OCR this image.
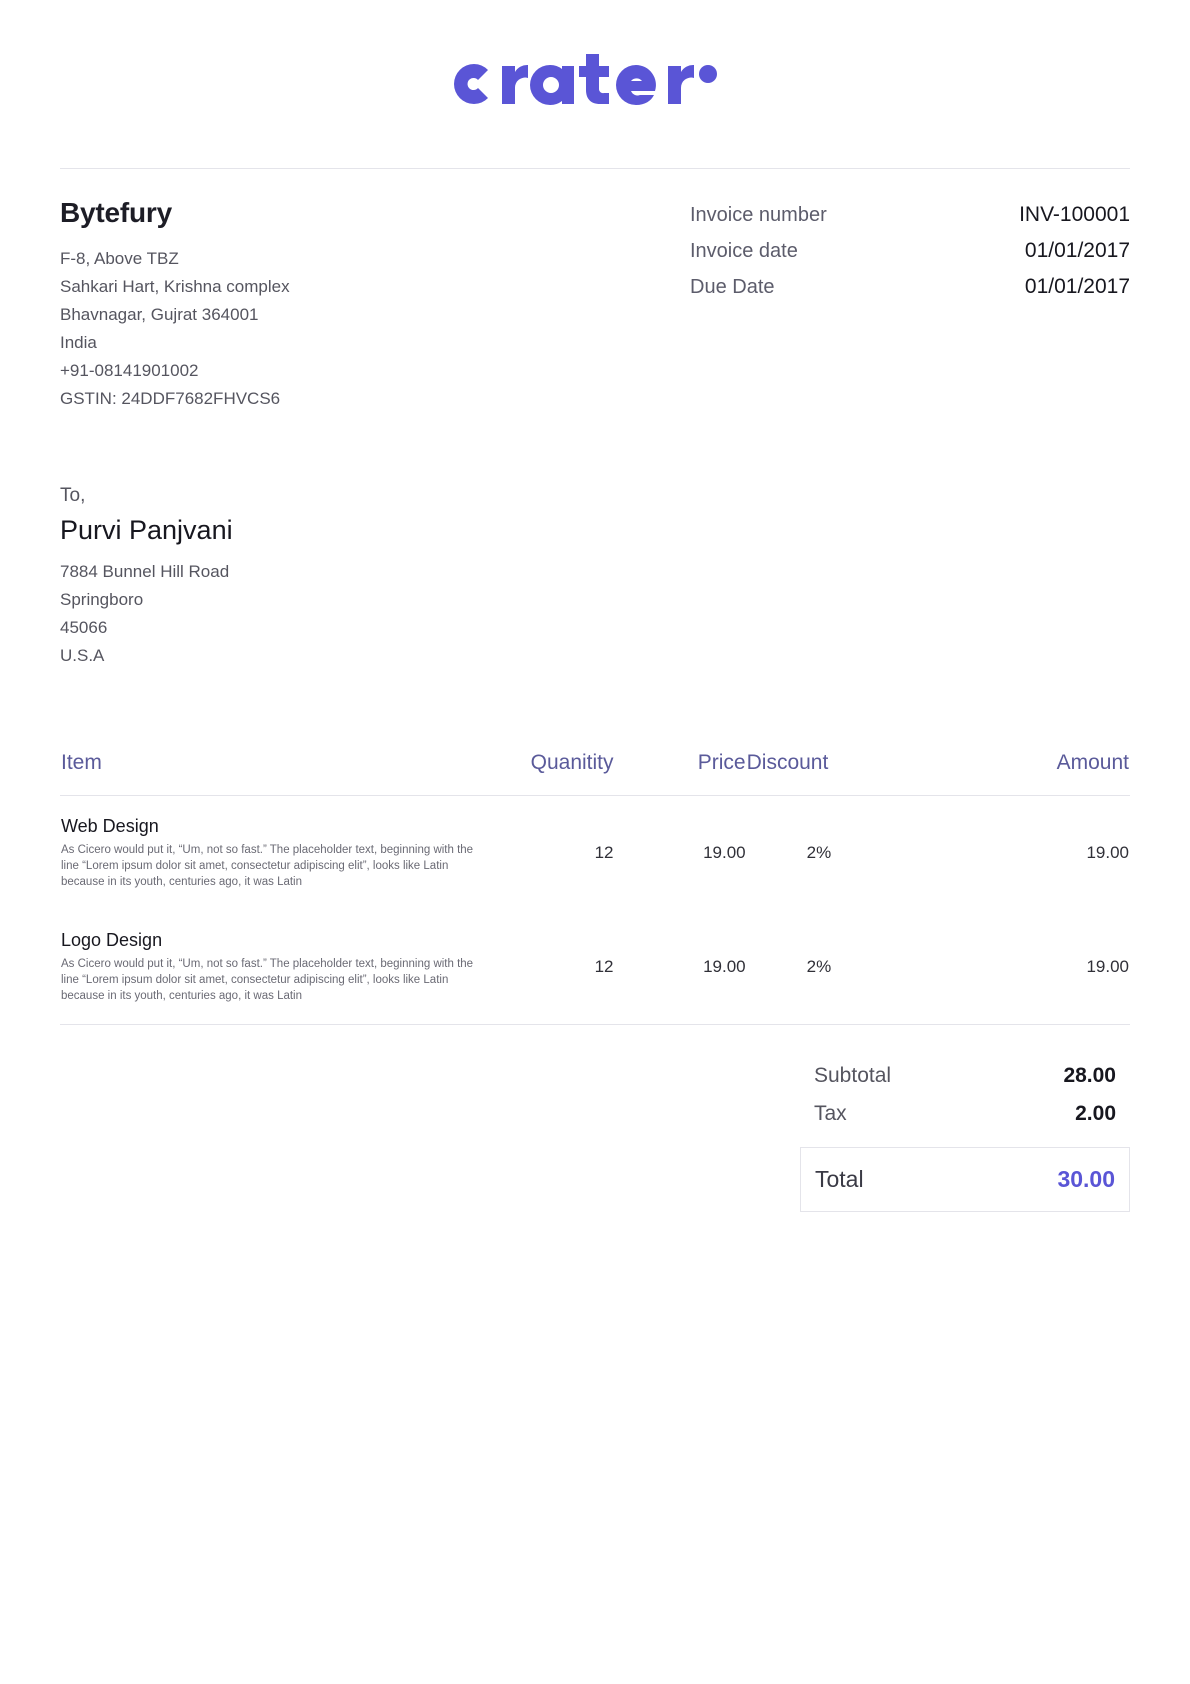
Bytefury
F-8, Above TBZ
Sahkari Hart, Krishna complex
Bhavnagar, Gujrat 364001
India
+91-08141901002
GSTIN: 24DDF7682FHVCS6
Invoice number	INV-100001
Invoice date	01/01/2017
Due Date	01/01/2017
To,
Purvi Panjvani
7884 Bunnel Hill Road
Springboro
45066
U.S.A
Item	Quanitity	Price	Discount	Amount

Web Design
As Cicero would put it, “Um, not so fast.” The placeholder text, beginning with the line “Lorem ipsum dolor sit amet, consectetur adipiscing elit”, looks like Latin because in its youth, centuries ago, it was Latin	12	19.00	2%	19.00

Logo Design
As Cicero would put it, “Um, not so fast.” The placeholder text, beginning with the line “Lorem ipsum dolor sit amet, consectetur adipiscing elit”, looks like Latin because in its youth, centuries ago, it was Latin	12	19.00	2%	19.00
Subtotal	28.00
Tax	2.00
Total	30.00
